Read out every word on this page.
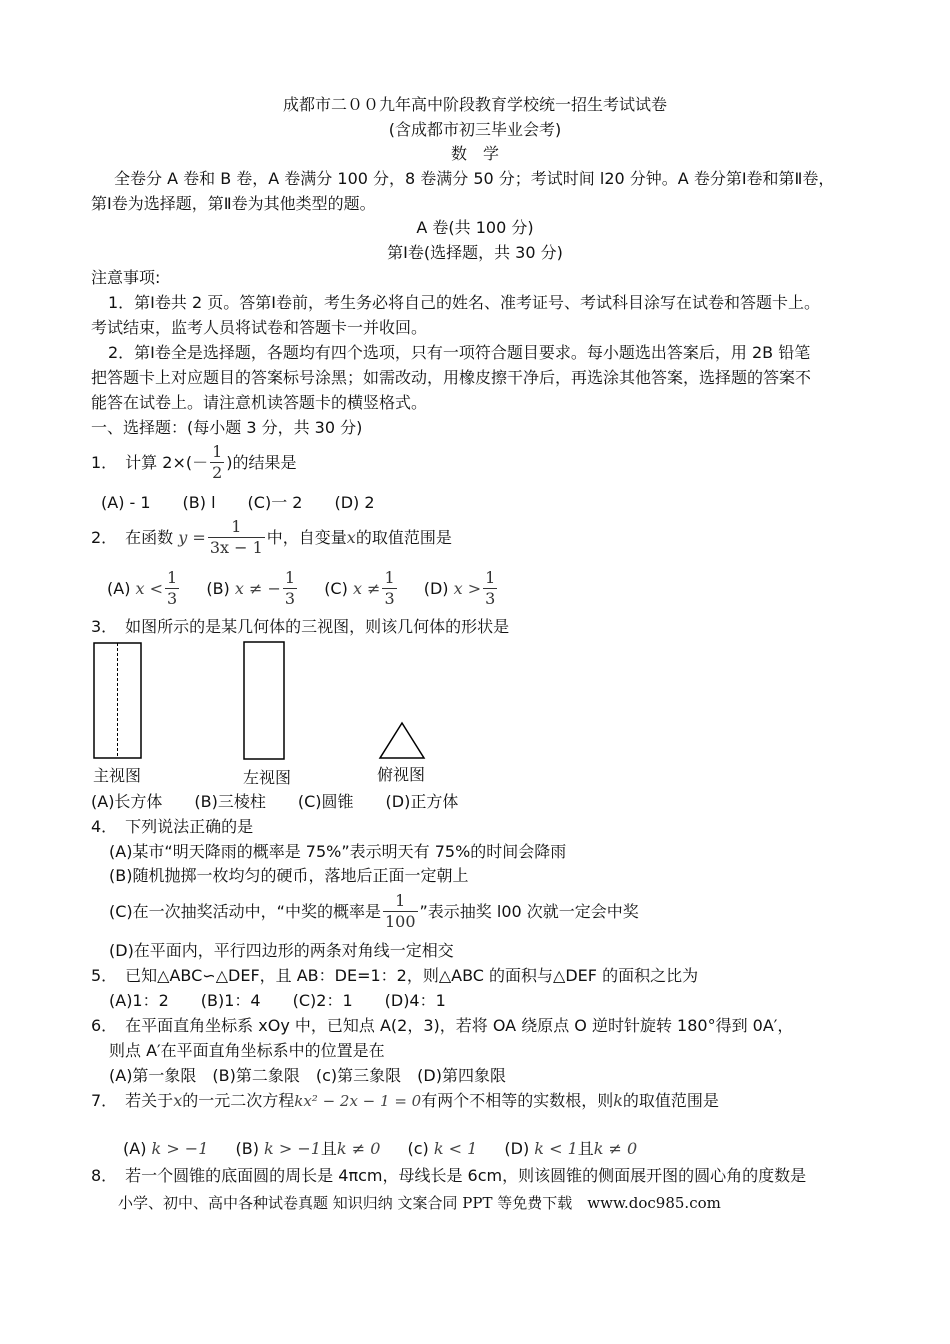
成都市二００九年高中阶段教育学校统一招生考试试卷
(含成都市初三毕业会考)
数　学
全卷分 A 卷和 B 卷，A 卷满分 100 分，8 卷满分 50 分；考试时间 l20 分钟。A 卷分第Ⅰ卷和第Ⅱ卷，
第Ⅰ卷为选择题，第Ⅱ卷为其他类型的题。
A 卷(共 100 分)
第Ⅰ卷(选择题，共 30 分)
注意事项:
1．第Ⅰ卷共 2 页。答第Ⅰ卷前，考生务必将自己的姓名、准考证号、考试科目涂写在试卷和答题卡上。
考试结束，监考人员将试卷和答题卡一并收回。
2．第Ⅰ卷全是选择题，各题均有四个选项，只有一项符合题目要求。每小题选出答案后，用 2B 铅笔
把答题卡上对应题目的答案标号涂黑；如需改动，用橡皮擦干净后，再选涂其他答案，选择题的答案不
能答在试卷上。请注意机读答题卡的横竖格式。
一、选择题：(每小题 3 分，共 30 分)
1．　计算 $2\times(- \frac{1}{2}$ )的结果是
(A) - 1　　(B) l　　(C)一 2　　(D) 2
2．　在函数 $y = \frac{1}{3x - 1}$ 中，自变量x的取值范围是
(A) $x < \frac{1}{3} (B) x$ ≠ − $\frac{1}{3} (C) x \ne \frac{1}{3} (D) x > \frac{1}{3}$
3．　如图所示的是某几何体的三视图，则该几何体的形状是
主视图	左视图	俯视图
(A)长方体　　(B)三棱柱　　(C)圆锥　　(D)正方体
4．　下列说法正确的是
(A)某市“明天降雨的概率是 75%”表示明天有 75%的时间会降雨
(B)随机抛掷一枚均匀的硬币，落地后正面一定朝上
(C)在一次抽奖活动中，“中奖的概率是 $\frac{1}{100}$ ”表示抽奖 l00 次就一定会中奖
(D)在平面内，平行四边形的两条对角线一定相交
5．　已知△ABC∽△DEF，且 AB：DE=1：2，则△ABC 的面积与△DEF 的面积之比为
(A)1：2　　(B)1：4　　(C)2：1　　(D)4：1
6．　在平面直角坐标系 xOy 中，已知点 A(2，3)，若将 OA 绕原点 O 逆时针旋转 180°得到 0A′，
则点 A′在平面直角坐标系中的位置是在
(A)第一象限　(B)第二象限　(c)第三象限　(D)第四象限
7．　若关于x的一元二次方程kx² − 2x − 1 = 0有两个不相等的实数根，则k的取值范围是
(A) k > −1 (B) k > −1且k ≠ 0 (c) k < 1 (D) k < 1且k ≠ 0
8．　若一个圆锥的底面圆的周长是 4πcm，母线长是 6cm，则该圆锥的侧面展开图的圆心角的度数是
小学、初中、高中各种试卷真题 知识归纳 文案合同 PPT 等免费下载　www.doc985.com
